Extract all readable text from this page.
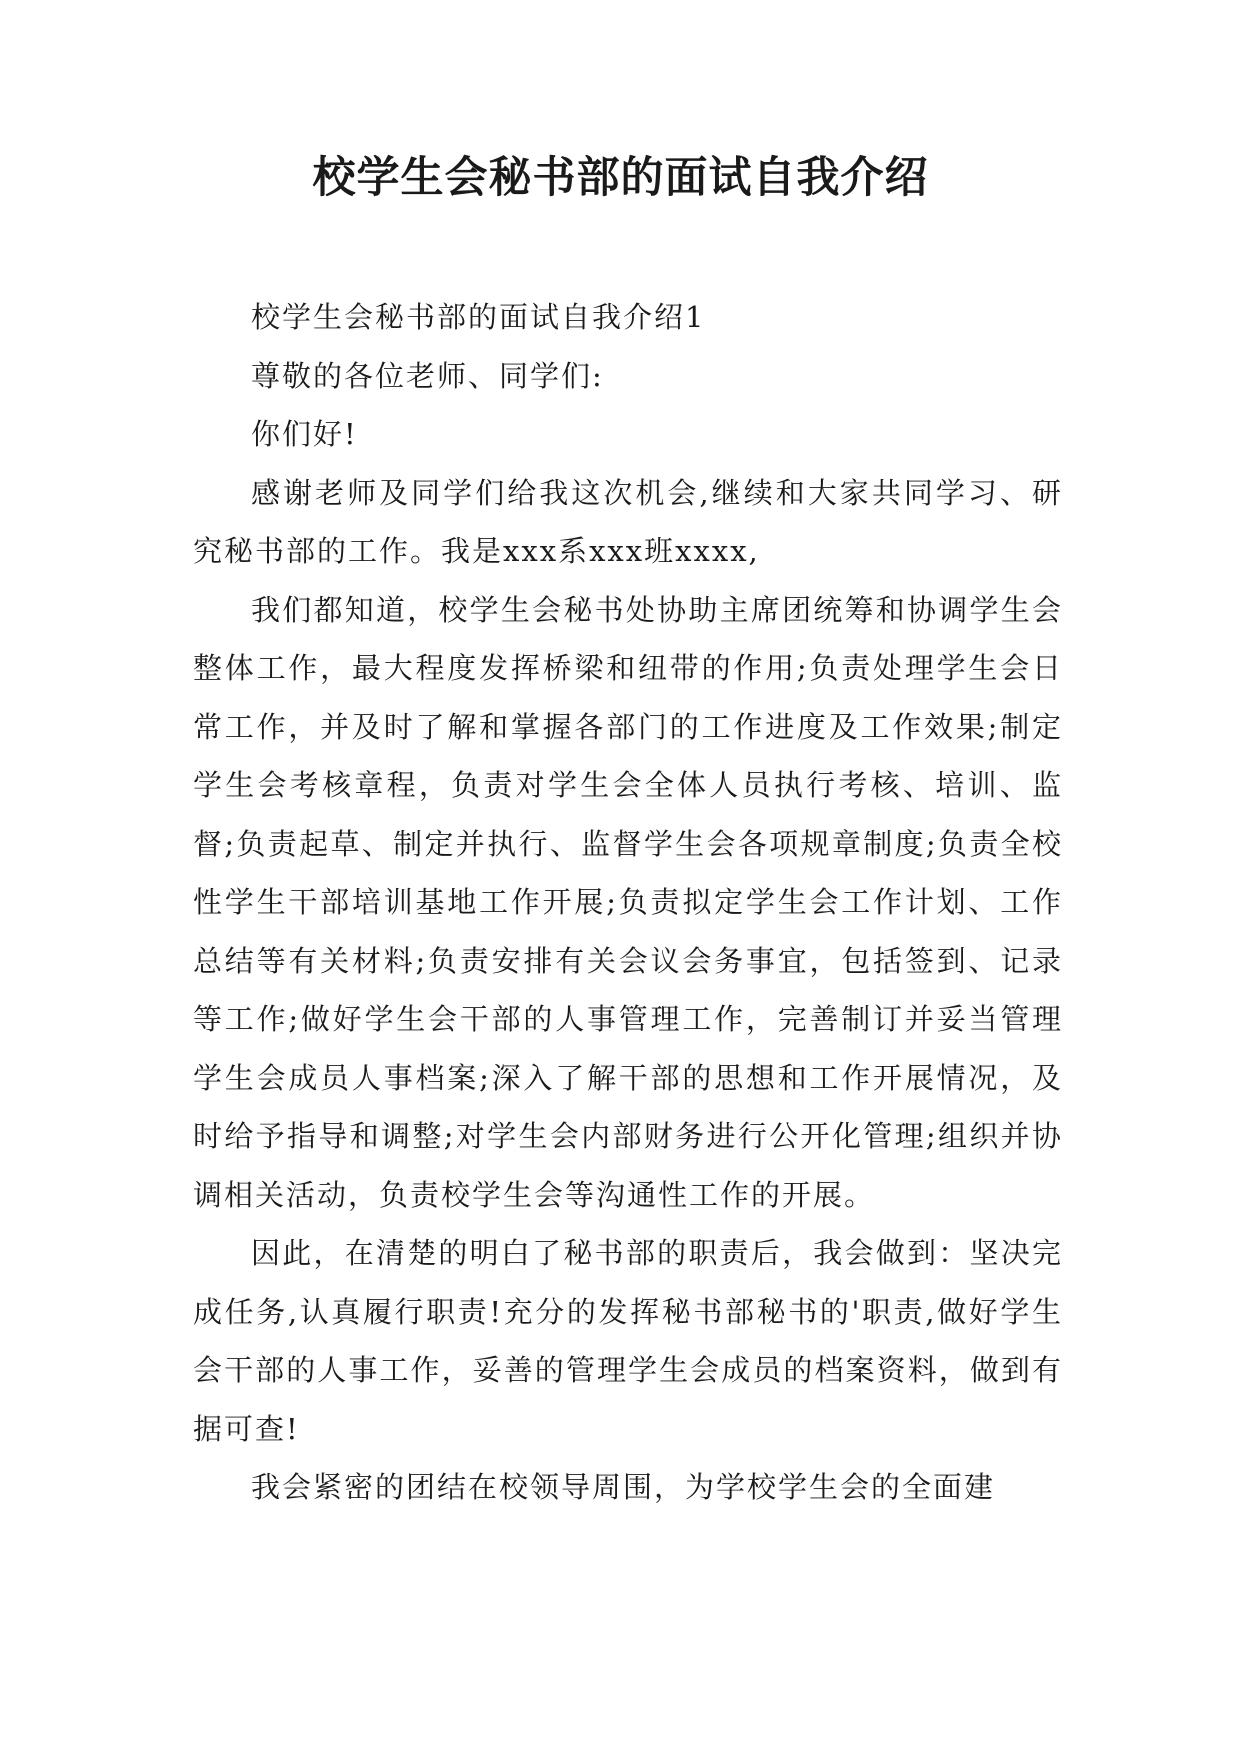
校学生会秘书部的面试自我介绍

校学生会秘书部的面试自我介绍1

尊敬的各位老师、同学们:

你们好!

感谢老师及同学们给我这次机会,继续和大家共同学习、研究秘书部的工作。我是xxx系xxx班xxxx,

我们都知道，校学生会秘书处协助主席团统筹和协调学生会整体工作，最大程度发挥桥梁和纽带的作用;负责处理学生会日常工作，并及时了解和掌握各部门的工作进度及工作效果;制定学生会考核章程，负责对学生会全体人员执行考核、培训、监督;负责起草、制定并执行、监督学生会各项规章制度;负责全校性学生干部培训基地工作开展;负责拟定学生会工作计划、工作总结等有关材料;负责安排有关会议会务事宜，包括签到、记录等工作;做好学生会干部的人事管理工作，完善制订并妥当管理学生会成员人事档案;深入了解干部的思想和工作开展情况，及时给予指导和调整;对学生会内部财务进行公开化管理;组织并协调相关活动，负责校学生会等沟通性工作的开展。

因此，在清楚的明白了秘书部的职责后，我会做到：坚决完成任务,认真履行职责!充分的发挥秘书部秘书的'职责,做好学生会干部的人事工作，妥善的管理学生会成员的档案资料，做到有据可查!

我会紧密的团结在校领导周围，为学校学生会的全面建
